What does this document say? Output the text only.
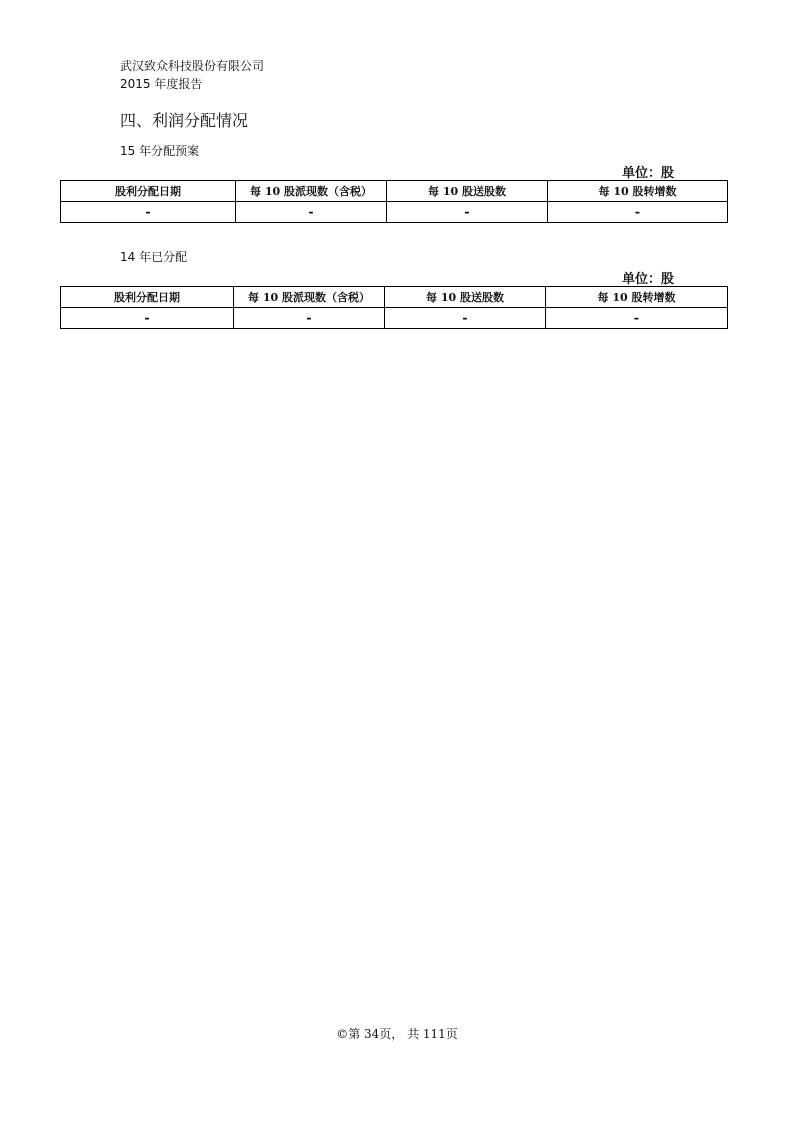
武汉致众科技股份有限公司
2015 年度报告
四、利润分配情况
15 年分配预案
单位：股
股利分配日期	每 10 股派现数（含税）	每 10 股送股数	每 10 股转增数
-	-	-	-
14 年已分配
单位：股
股利分配日期	每 10 股派现数（含税）	每 10 股送股数	每 10 股转增数
-	-	-	-
©第 34页， 共 111页
